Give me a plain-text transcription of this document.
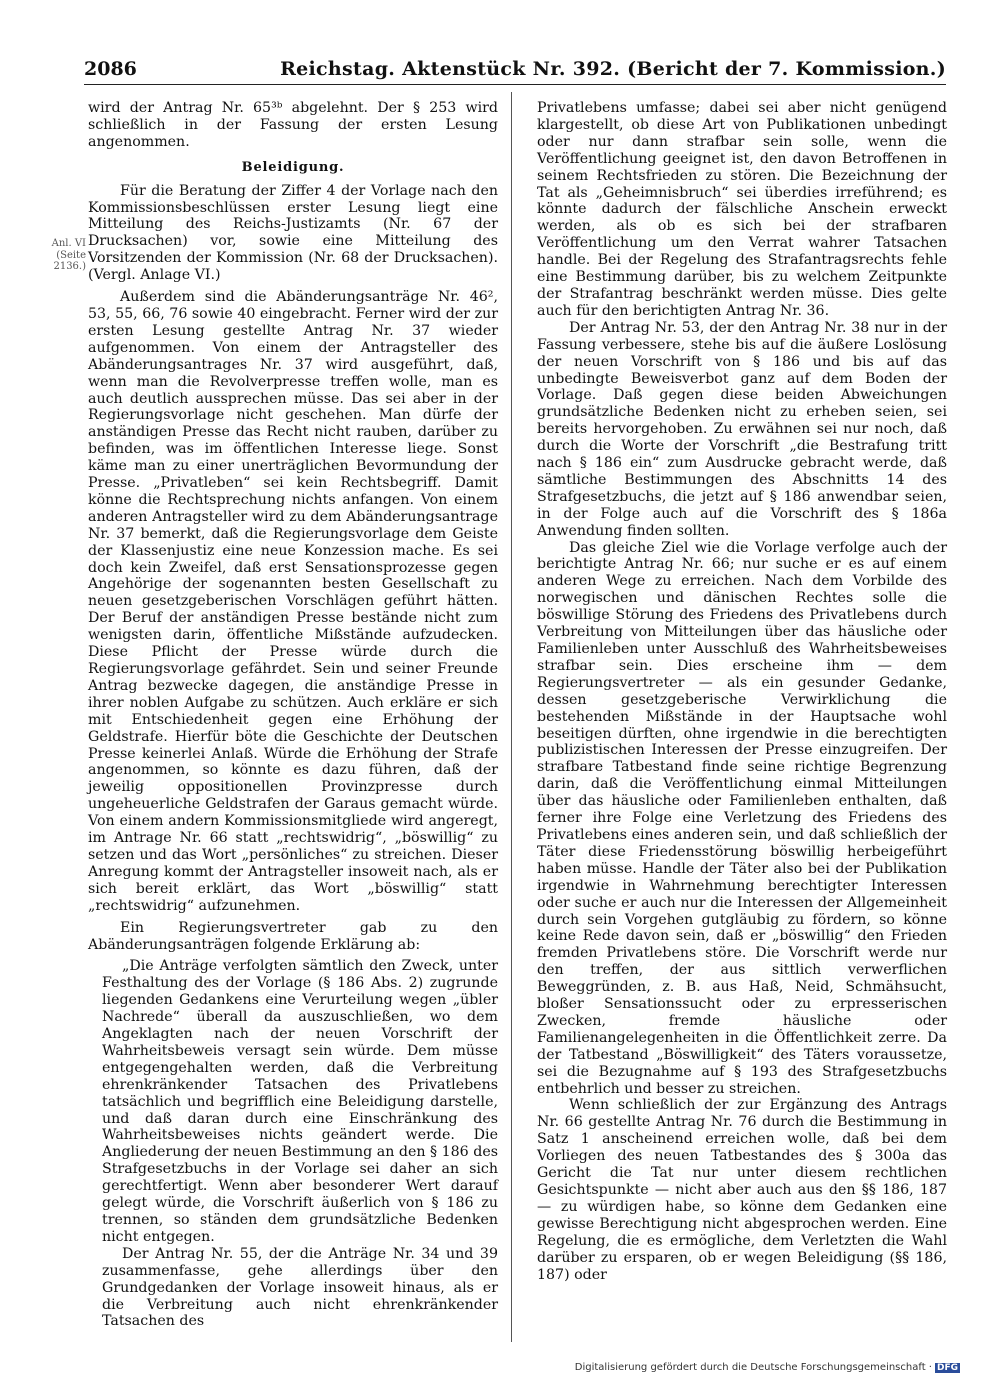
2086	Reichstag. Aktenstück Nr. 392. (Bericht der 7. Kommission.)
Anl. VI
(Seite
2136.)

wird der Antrag Nr. 65³ᵇ abgelehnt. Der § 253 wird schließlich in der Fassung der ersten Lesung angenommen.

Beleidigung.

Für die Beratung der Ziffer 4 der Vorlage nach den Kommissionsbeschlüssen erster Lesung liegt eine Mitteilung des Reichs-Justizamts (Nr. 67 der Drucksachen) vor, sowie eine Mitteilung des Vorsitzenden der Kommission (Nr. 68 der Drucksachen). (Vergl. Anlage VI.)

Außerdem sind die Abänderungsanträge Nr. 46², 53, 55, 66, 76 sowie 40 eingebracht. Ferner wird der zur ersten Lesung gestellte Antrag Nr. 37 wieder aufgenommen. Von einem der Antragsteller des Abänderungsantrages Nr. 37 wird ausgeführt, daß, wenn man die Revolverpresse treffen wolle, man es auch deutlich aussprechen müsse. Das sei aber in der Regierungsvorlage nicht geschehen. Man dürfe der anständigen Presse das Recht nicht rauben, darüber zu befinden, was im öffentlichen Interesse liege. Sonst käme man zu einer unerträglichen Bevormundung der Presse. „Privatleben“ sei kein Rechtsbegriff. Damit könne die Rechtsprechung nichts anfangen. Von einem anderen Antragsteller wird zu dem Abänderungsantrage Nr. 37 bemerkt, daß die Regierungsvorlage dem Geiste der Klassenjustiz eine neue Konzession mache. Es sei doch kein Zweifel, daß erst Sensationsprozesse gegen Angehörige der sogenannten besten Gesellschaft zu neuen gesetzgeberischen Vorschlägen geführt hätten. Der Beruf der anständigen Presse bestände nicht zum wenigsten darin, öffentliche Mißstände aufzudecken. Diese Pflicht der Presse würde durch die Regierungsvorlage gefährdet. Sein und seiner Freunde Antrag bezwecke dagegen, die anständige Presse in ihrer noblen Aufgabe zu schützen. Auch erkläre er sich mit Entschiedenheit gegen eine Erhöhung der Geldstrafe. Hierfür böte die Geschichte der Deutschen Presse keinerlei Anlaß. Würde die Erhöhung der Strafe angenommen, so könnte es dazu führen, daß der jeweilig oppositionellen Provinzpresse durch ungeheuerliche Geldstrafen der Garaus gemacht würde. Von einem andern Kommissionsmitgliede wird angeregt, im Antrage Nr. 66 statt „rechtswidrig“, „böswillig“ zu setzen und das Wort „persönliches“ zu streichen. Dieser Anregung kommt der Antragsteller insoweit nach, als er sich bereit erklärt, das Wort „böswillig“ statt „rechtswidrig“ aufzunehmen.

Ein Regierungsvertreter gab zu den Abänderungsanträgen folgende Erklärung ab:

„Die Anträge verfolgten sämtlich den Zweck, unter Festhaltung des der Vorlage (§ 186 Abs. 2) zugrunde liegenden Gedankens eine Verurteilung wegen „übler Nachrede“ überall da auszuschließen, wo dem Angeklagten nach der neuen Vorschrift der Wahrheitsbeweis versagt sein würde. Dem müsse entgegengehalten werden, daß die Verbreitung ehrenkränkender Tatsachen des Privatlebens tatsächlich und begrifflich eine Beleidigung darstelle, und daß daran durch eine Einschränkung des Wahrheitsbeweises nichts geändert werde. Die Angliederung der neuen Bestimmung an den § 186 des Strafgesetzbuchs in der Vorlage sei daher an sich gerechtfertigt. Wenn aber besonderer Wert darauf gelegt würde, die Vorschrift äußerlich von § 186 zu trennen, so ständen dem grundsätzliche Bedenken nicht entgegen.

Der Antrag Nr. 55, der die Anträge Nr. 34 und 39 zusammenfasse, gehe allerdings über den Grundgedanken der Vorlage insoweit hinaus, als er die Verbreitung auch nicht ehrenkränkender Tatsachen des

Privatlebens umfasse; dabei sei aber nicht genügend klargestellt, ob diese Art von Publikationen unbedingt oder nur dann strafbar sein solle, wenn die Veröffentlichung geeignet ist, den davon Betroffenen in seinem Rechtsfrieden zu stören. Die Bezeichnung der Tat als „Geheimnisbruch“ sei überdies irreführend; es könnte dadurch der fälschliche Anschein erweckt werden, als ob es sich bei der strafbaren Veröffentlichung um den Verrat wahrer Tatsachen handle. Bei der Regelung des Strafantragsrechts fehle eine Bestimmung darüber, bis zu welchem Zeitpunkte der Strafantrag beschränkt werden müsse. Dies gelte auch für den berichtigten Antrag Nr. 36.

Der Antrag Nr. 53, der den Antrag Nr. 38 nur in der Fassung verbessere, stehe bis auf die äußere Loslösung der neuen Vorschrift von § 186 und bis auf das unbedingte Beweisverbot ganz auf dem Boden der Vorlage. Daß gegen diese beiden Abweichungen grundsätzliche Bedenken nicht zu erheben seien, sei bereits hervorgehoben. Zu erwähnen sei nur noch, daß durch die Worte der Vorschrift „die Bestrafung tritt nach § 186 ein“ zum Ausdrucke gebracht werde, daß sämtliche Bestimmungen des Abschnitts 14 des Strafgesetzbuchs, die jetzt auf § 186 anwendbar seien, in der Folge auch auf die Vorschrift des § 186a Anwendung finden sollten.

Das gleiche Ziel wie die Vorlage verfolge auch der berichtigte Antrag Nr. 66; nur suche er es auf einem anderen Wege zu erreichen. Nach dem Vorbilde des norwegischen und dänischen Rechtes solle die böswillige Störung des Friedens des Privatlebens durch Verbreitung von Mitteilungen über das häusliche oder Familienleben unter Ausschluß des Wahrheitsbeweises strafbar sein. Dies erscheine ihm — dem Regierungsvertreter — als ein gesunder Gedanke, dessen gesetzgeberische Verwirklichung die bestehenden Mißstände in der Hauptsache wohl beseitigen dürften, ohne irgendwie in die berechtigten publizistischen Interessen der Presse einzugreifen. Der strafbare Tatbestand finde seine richtige Begrenzung darin, daß die Veröffentlichung einmal Mitteilungen über das häusliche oder Familienleben enthalten, daß ferner ihre Folge eine Verletzung des Friedens des Privatlebens eines anderen sein, und daß schließlich der Täter diese Friedensstörung böswillig herbeigeführt haben müsse. Handle der Täter also bei der Publikation irgendwie in Wahrnehmung berechtigter Interessen oder suche er auch nur die Interessen der Allgemeinheit durch sein Vorgehen gutgläubig zu fördern, so könne keine Rede davon sein, daß er „böswillig“ den Frieden fremden Privatlebens störe. Die Vorschrift werde nur den treffen, der aus sittlich verwerflichen Beweggründen, z. B. aus Haß, Neid, Schmähsucht, bloßer Sensationssucht oder zu erpresserischen Zwecken, fremde häusliche oder Familienangelegenheiten in die Öffentlichkeit zerre. Da der Tatbestand „Böswilligkeit“ des Täters voraussetze, sei die Bezugnahme auf § 193 des Strafgesetzbuchs entbehrlich und besser zu streichen.

Wenn schließlich der zur Ergänzung des Antrags Nr. 66 gestellte Antrag Nr. 76 durch die Bestimmung in Satz 1 anscheinend erreichen wolle, daß bei dem Vorliegen des neuen Tatbestandes des § 300a das Gericht die Tat nur unter diesem rechtlichen Gesichtspunkte — nicht aber auch aus den §§ 186, 187 — zu würdigen habe, so könne dem Gedanken eine gewisse Berechtigung nicht abgesprochen werden. Eine Regelung, die es ermögliche, dem Verletzten die Wahl darüber zu ersparen, ob er wegen Beleidigung (§§ 186, 187) oder

Digitalisierung gefördert durch die Deutsche Forschungsgemeinschaft · DFG
